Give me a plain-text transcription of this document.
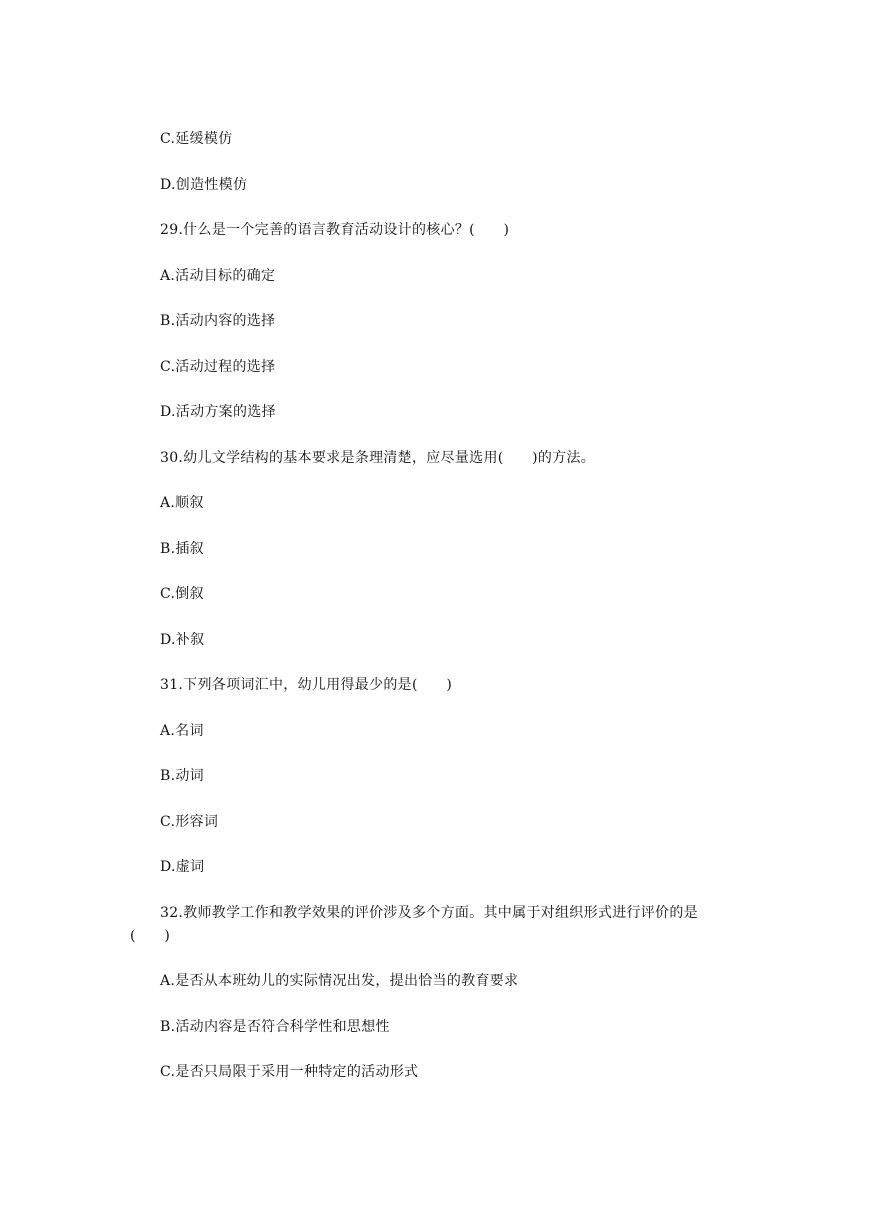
C.延缓模仿
D.创造性模仿
29.什么是一个完善的语言教育活动设计的核心？(　　)
A.活动目标的确定
B.活动内容的选择
C.活动过程的选择
D.活动方案的选择
30.幼儿文学结构的基本要求是条理清楚，应尽量选用(　　)的方法。
A.顺叙
B.插叙
C.倒叙
D.补叙
31.下列各项词汇中，幼儿用得最少的是(　　)
A.名词
B.动词
C.形容词
D.虚词
32.教师教学工作和教学效果的评价涉及多个方面。其中属于对组织形式进行评价的是
(　　)
A.是否从本班幼儿的实际情况出发，提出恰当的教育要求
B.活动内容是否符合科学性和思想性
C.是否只局限于采用一种特定的活动形式
